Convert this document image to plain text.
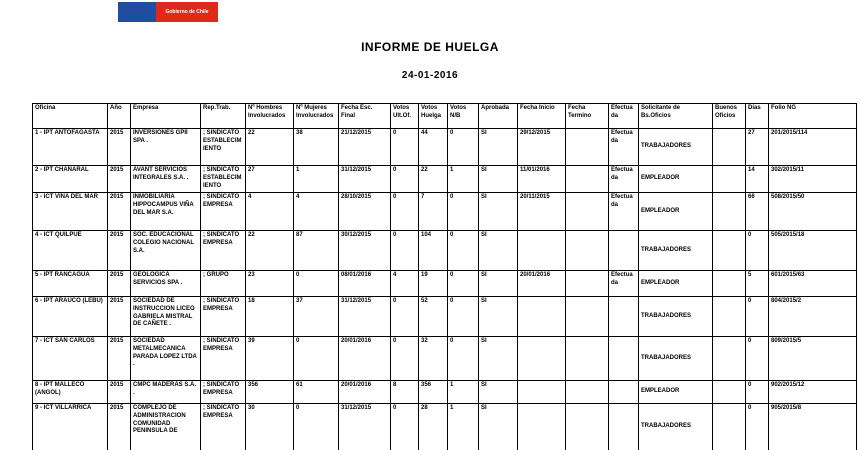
Gobierno de Chile
INFORME DE HUELGA
24-01-2016
Oficina	Año	Empresa	Rep.Trab.	Nº Hombres Involucrados	Nº Mujeres Involucrados	Fecha Esc. Final	Votos Ult.Of.	Votos Huelga	Votos N/B	Aprobada	Fecha Inicio	Fecha Termino	Efectuada	Solicitante de Bs.Oficios	Buenos Oficios	Días	Folio NG
1 - IPT ANTOFAGASTA	2015	INVERSIONES GPII SPA .	; SINDICATO ESTABLECIMIENTO	22	38	21/12/2015	0	44	0	SI	29/12/2015		Efectuada	TRABAJADORES		27	201/2015/114
2 - IPT CHAÑARAL	2015	AVANT SERVICIOS INTEGRALES S.A. .	; SINDICATO ESTABLECIMIENTO	27	1	31/12/2015	0	22	1	SI	11/01/2016		Efectuada	EMPLEADOR		14	302/2015/11
3 - ICT VIÑA DEL MAR	2015	INMOBILIARIA HIPPOCAMPUS VIÑA DEL MAR S.A.	; SINDICATO EMPRESA	4	4	28/10/2015	0	7	0	SI	20/11/2015		Efectuada	EMPLEADOR		66	508/2015/50
4 - ICT QUILPUE	2015	SOC. EDUCACIONAL COLEGIO NACIONAL S.A.	; SINDICATO EMPRESA	22	87	30/12/2015	0	104	0	SI				TRABAJADORES		0	505/2015/18
5 - IPT RANCAGUA	2015	GEOLOGICA SERVICIOS SPA .	; GRUPO	23	0	08/01/2016	4	19	0	SI	20/01/2016		Efectuada	EMPLEADOR		5	601/2015/63
6 - IPT ARAUCO (LEBU)	2015	SOCIEDAD DE INSTRUCCION LICEO GABRIELA MISTRAL DE CAÑETE .	; SINDICATO EMPRESA	18	37	31/12/2015	0	52	0	SI				TRABAJADORES		0	804/2015/2
7 - ICT SAN CARLOS	2015	SOCIEDAD METALMECANICA PARADA LOPEZ LTDA .	; SINDICATO EMPRESA	39	0	20/01/2016	0	32	0	SI				TRABAJADORES		0	809/2015/5
8 - IPT MALLECO (ANGOL)	2015	CMPC MADERAS S.A. .	; SINDICATO EMPRESA	356	61	20/01/2016	8	356	1	SI				EMPLEADOR		0	902/2015/12
9 - ICT VILLARRICA	2015	COMPLEJO DE ADMINISTRACION COMUNIDAD PENINSULA DE	; SINDICATO EMPRESA	30	0	31/12/2015	0	28	1	SI				TRABAJADORES		0	905/2015/8
